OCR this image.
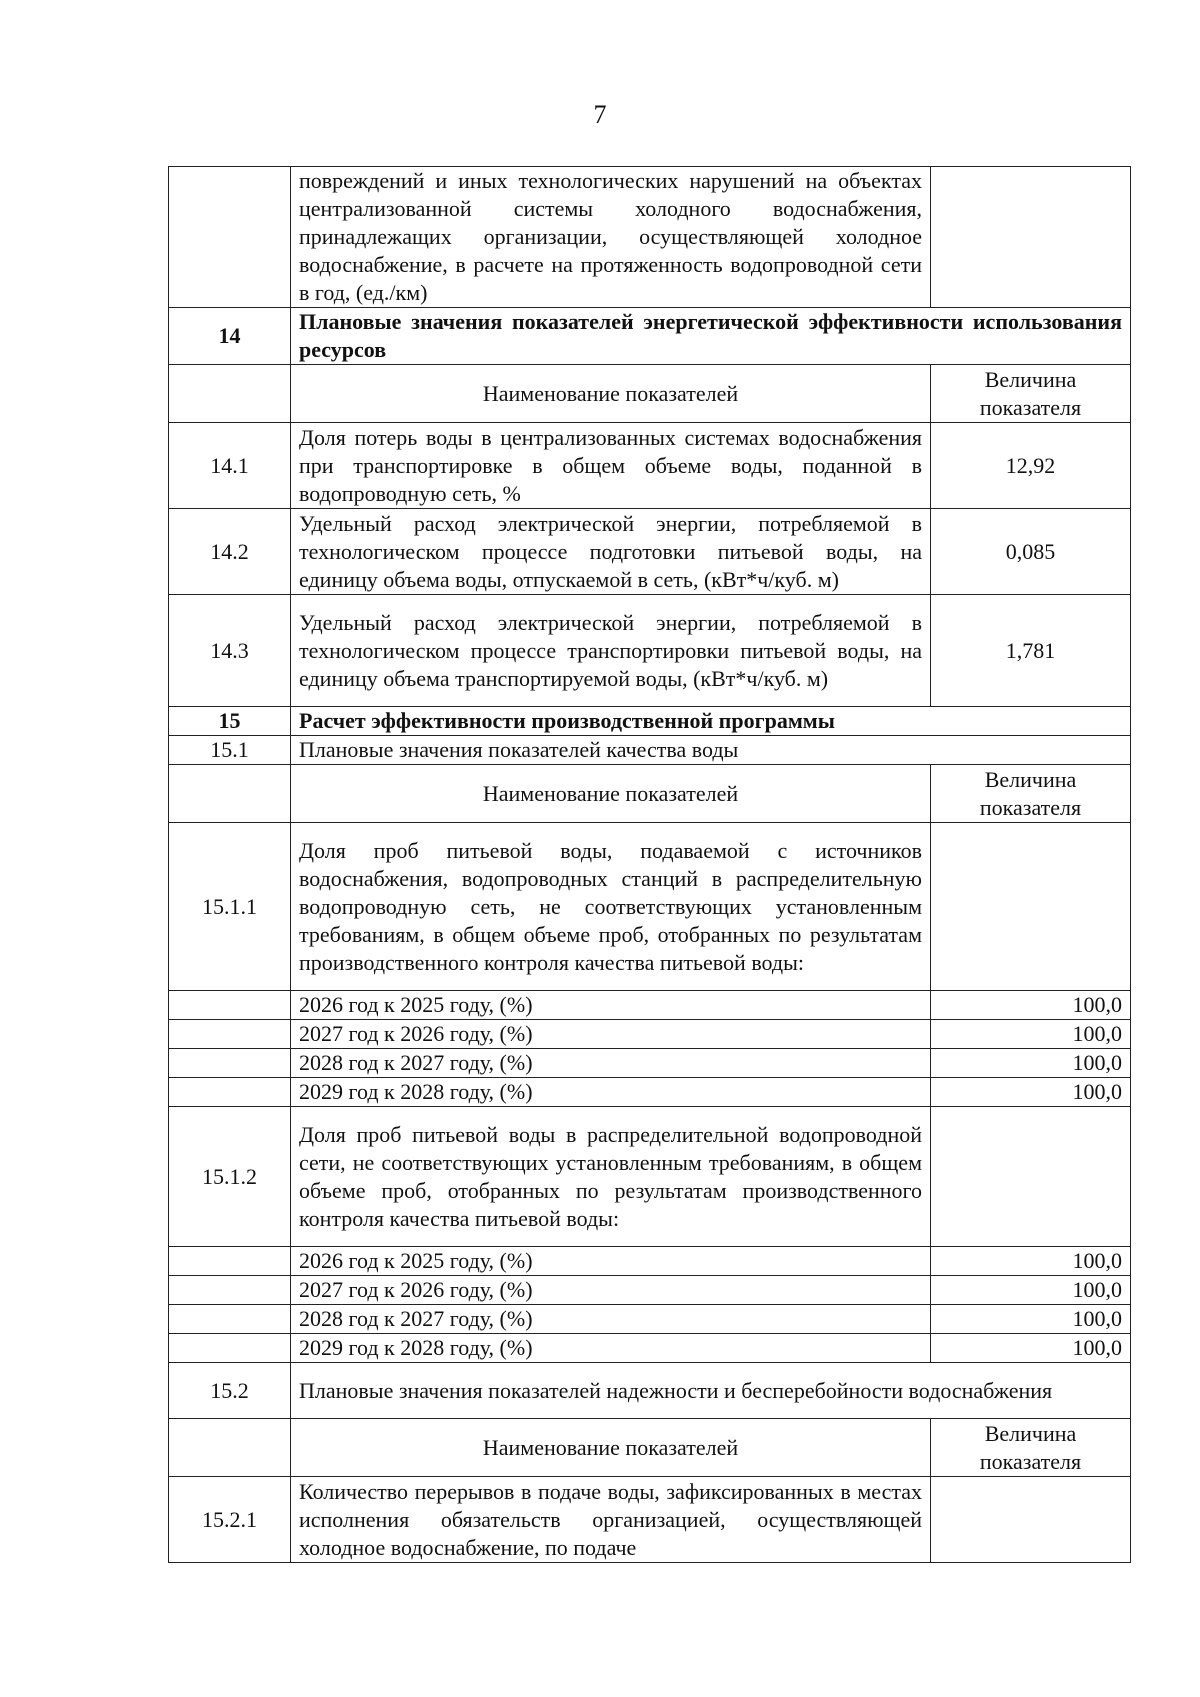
7
	повреждений и иных технологических нарушений на объектах централизованной системы холодного водоснабжения, принадлежащих организации, осуществляющей холодное водоснабжение, в расчете на протяженность водопроводной сети в год, (ед./км)	
14	Плановые значения показателей энергетической эффективности использования ресурсов	
	Наименование показателей	Величина показателя
14.1	Доля потерь воды в централизованных системах водоснабжения при транспортировке в общем объеме воды, поданной в водопроводную сеть, %	12,92
14.2	Удельный расход электрической энергии, потребляемой в технологическом процессе подготовки питьевой воды, на единицу объема воды, отпускаемой в сеть, (кВт*ч/куб. м)	0,085
14.3	Удельный расход электрической энергии, потребляемой в технологическом процессе транспортировки питьевой воды, на единицу объема транспортируемой воды, (кВт*ч/куб. м)	1,781
15	Расчет эффективности производственной программы	
15.1	Плановые значения показателей качества воды	
	Наименование показателей	Величина показателя
15.1.1	Доля проб питьевой воды, подаваемой с источников водоснабжения, водопроводных станций в распределительную водопроводную сеть, не соответствующих установленным требованиям, в общем объеме проб, отобранных по результатам производственного контроля качества питьевой воды:	
	2026 год к 2025 году, (%)	100,0
	2027 год к 2026 году, (%)	100,0
	2028 год к 2027 году, (%)	100,0
	2029 год к 2028 году, (%)	100,0
15.1.2	Доля проб питьевой воды в распределительной водопроводной сети, не соответствующих установленным требованиям, в общем объеме проб, отобранных по результатам производственного контроля качества питьевой воды:	
	2026 год к 2025 году, (%)	100,0
	2027 год к 2026 году, (%)	100,0
	2028 год к 2027 году, (%)	100,0
	2029 год к 2028 году, (%)	100,0
15.2	Плановые значения показателей надежности и бесперебойности водоснабжения	
	Наименование показателей	Величина показателя
15.2.1	Количество перерывов в подаче воды, зафиксированных в местах исполнения обязательств организацией, осуществляющей холодное водоснабжение, по подаче	
